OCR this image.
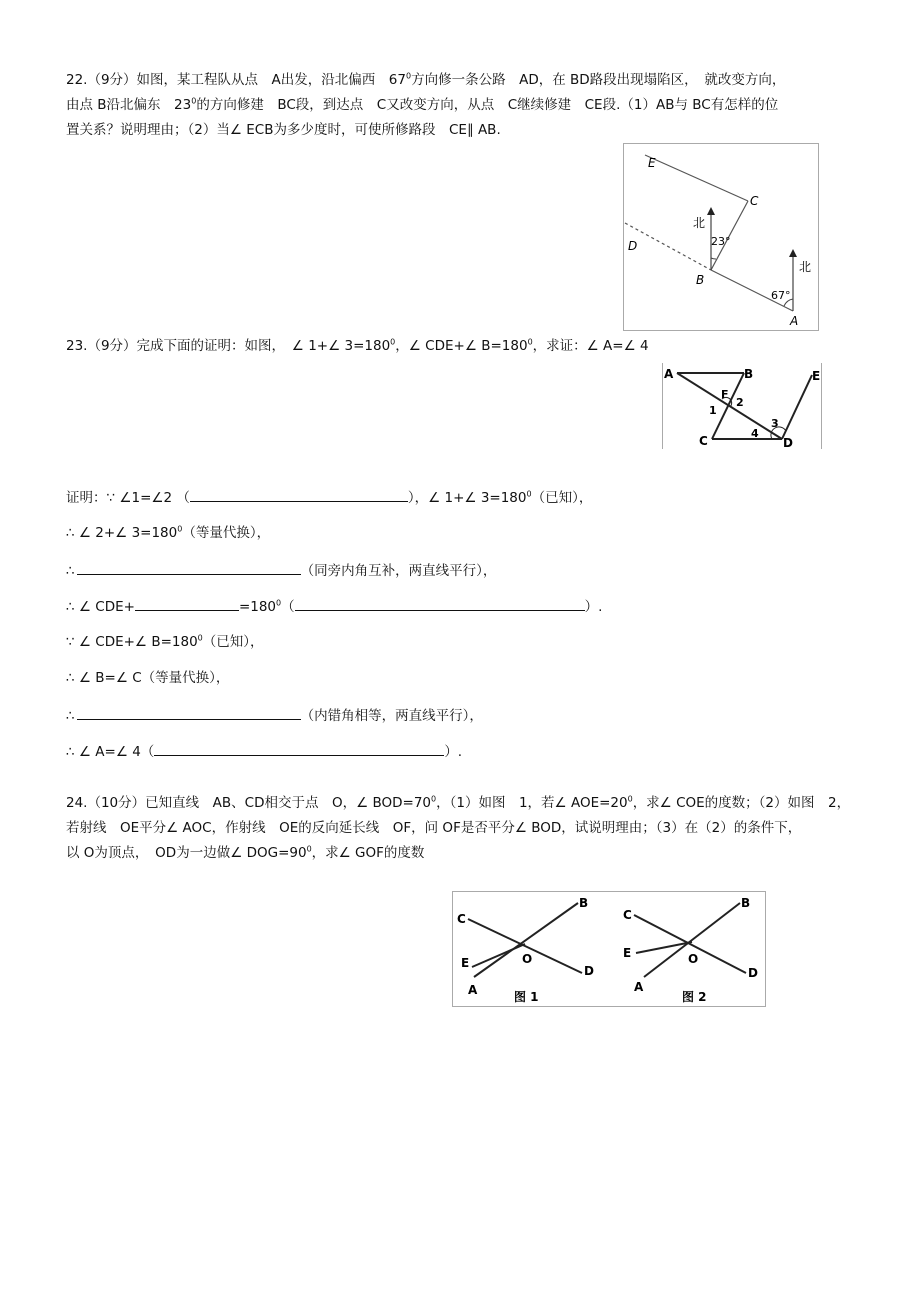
22.（9分）如图，某工程队从点　A出发，沿北偏西　$67^0$方向修一条公路　AD，在 BD路段出现塌陷区，　就改变方向，
由点 B沿北偏东　$23^0$的方向修建　BC段，到达点　C又改变方向，从点　C继续修建　CE段.（1）AB与 BC有怎样的位
置关系？说明理由；（2）当∠ ECB为多少度时，可使所修路段　CE∥ AB.
E
C
D
B
A
北
北
23°
67°
23.（9分）完成下面的证明：如图，　∠ 1+∠ $3=180^0$，∠ CDE+∠ $B=180^0$，求证：∠ A=∠ 4
A	B	E
F
2
1
3
4
C	D
证明：∵ ∠1=∠2 （	），∠ 1+∠ $3=180^0$（已知），
∴ ∠ 2+∠ $3=180^0$（等量代换），
∴	（同旁内角互补，两直线平行），
∴ ∠ CDE+	$=180^0$（	）.
∵ ∠ CDE+∠ $B=180^0$（已知），
∴ ∠ B=∠ C（等量代换），
∴	（内错角相等，两直线平行），
∴ ∠ A=∠ 4（	）.
24.（10分）已知直线　AB、CD相交于点　O，∠ $BOD=70^0$，（1）如图　1，若∠ $AOE=20^0$，求∠ COE的度数；（2）如图　2，
若射线　OE平分∠ AOC，作射线　OE的反向延长线　OF，问 OF是否平分∠ BOD，试说明理由；（3）在（2）的条件下，
以 O为顶点，　OD为一边做∠ $DOG=90^0$，求∠ GOF的度数
C
B
E	O
D
A	图 1
C
B
E	O
D
A
图 2
